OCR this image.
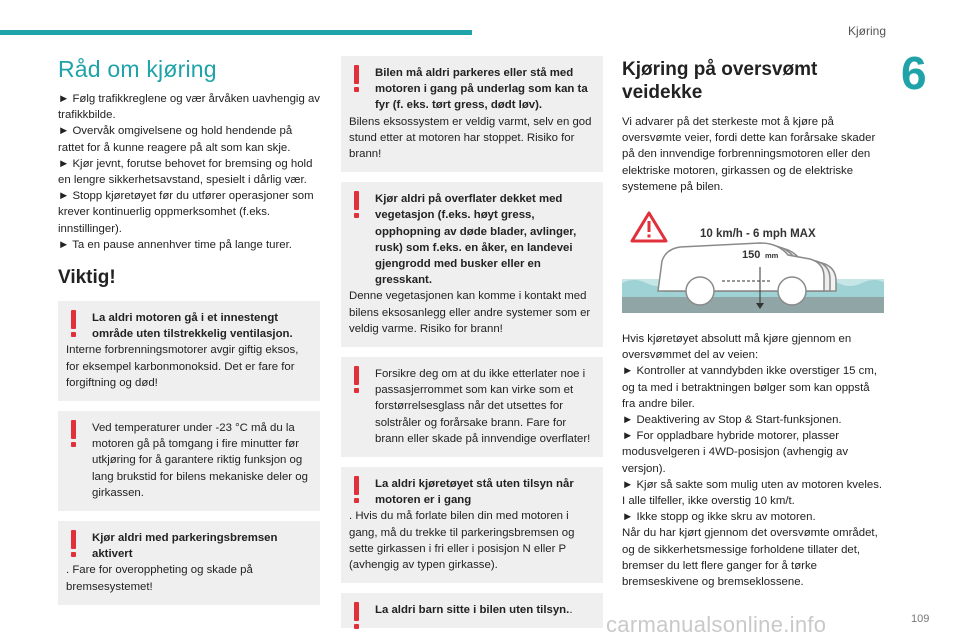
Kjøring
6
Råd om kjøring
► Følg trafikkreglene og vær årvåken uavhengig av trafikkbilde.
► Overvåk omgivelsene og hold hendende på rattet for å kunne reagere på alt som kan skje.
► Kjør jevnt, forutse behovet for bremsing og hold en lengre sikkerhetsavstand, spesielt i dårlig vær.
► Stopp kjøretøyet før du utfører operasjoner som krever kontinuerlig oppmerksomhet (f.eks. innstillinger).
► Ta en pause annenhver time på lange turer.
Viktig!
La aldri motoren gå i et innestengt område uten tilstrekkelig ventilasjon. Interne forbrenningsmotorer avgir giftig eksos, for eksempel karbonmonoksid. Det er fare for forgiftning og død!
Ved temperaturer under -23 °C må du la motoren gå på tomgang i fire minutter før utkjøring for å garantere riktig funksjon og lang brukstid for bilens mekaniske deler og girkassen.
Kjør aldri med parkeringsbremsen aktivert. Fare for overoppheting og skade på bremsesystemet!
Bilen må aldri parkeres eller stå med motoren i gang på underlag som kan ta fyr (f. eks. tørt gress, dødt løv).Bilens eksossystem er veldig varmt, selv en god stund etter at motoren har stoppet. Risiko for brann!
Kjør aldri på overflater dekket med vegetasjon (f.eks. høyt gress, opphopning av døde blader, avlinger, rusk) som f.eks. en åker, en landevei gjengrodd med busker eller en gresskant. Denne vegetasjonen kan komme i kontakt med bilens eksosanlegg eller andre systemer som er veldig varme. Risiko for brann!
Forsikre deg om at du ikke etterlater noe i passasjerrommet som kan virke som et forstørrelsesglass når det utsettes for solstråler og forårsake brann. Fare for brann eller skade på innvendige overflater!
La aldri kjøretøyet stå uten tilsyn når motoren er i gang. Hvis du må forlate bilen din med motoren i gang, må du trekke til parkeringsbremsen og sette girkassen i fri eller i posisjon N eller P (avhengig av typen girkasse).
La aldri barn sitte i bilen uten tilsyn..
Kjøring på oversvømt veidekke
Vi advarer på det sterkeste mot å kjøre på oversvømte veier, fordi dette kan forårsake skader på den innvendige forbrenningsmotoren eller den elektriske motoren, girkassen og de elektriske systemene på bilen.
10 km/h - 6 mph MAX
150 mm
Hvis kjøretøyet absolutt må kjøre gjennom en oversvømmet del av veien:
► Kontroller at vanndybden ikke overstiger 15 cm, og ta med i betraktningen bølger som kan oppstå fra andre biler.
► Deaktivering av Stop & Start-funksjonen.
► For oppladbare hybride motorer, plasser modusvelgeren i 4WD-posisjon (avhengig av versjon).
► Kjør så sakte som mulig uten av motoren kveles. I alle tilfeller, ikke overstig 10 km/t.
► Ikke stopp og ikke skru av motoren.
Når du har kjørt gjennom det oversvømte området, og de sikkerhetsmessige forholdene tillater det, bremser du lett flere ganger for å tørke bremseskivene og bremseklossene.
carmanualsonline.info	109
